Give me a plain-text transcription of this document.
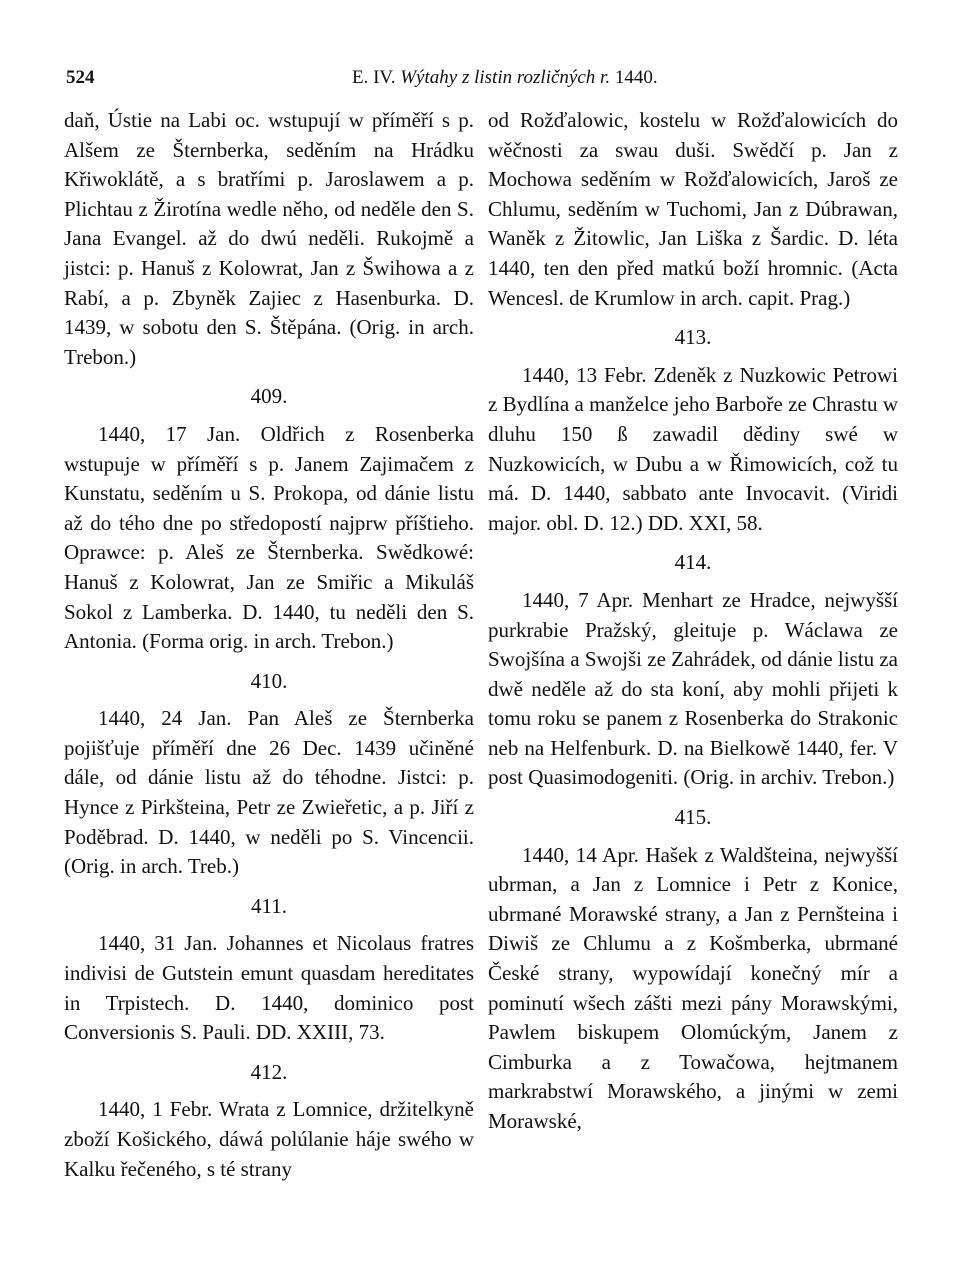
524	E. IV. Wýtahy z listin rozličných r. 1440.

daň, Ústie na Labi oc. wstupují w příměří s p. Alšem ze Šternberka, seděním na Hrádku Křiwoklátě, a s bratřími p. Jaroslawem a p. Plichtau z Žirotína wedle něho, od neděle den S. Jana Evangel. až do dwú neděli. Rukojmě a jistci: p. Hanuš z Kolowrat, Jan z Šwihowa a z Rabí, a p. Zbyněk Zajiec z Hasenburka. D. 1439, w sobotu den S. Štěpána. (Orig. in arch. Trebon.)

409.

1440, 17 Jan. Oldřich z Rosenberka wstupuje w příměří s p. Janem Zajimačem z Kunstatu, seděním u S. Prokopa, od dánie listu až do tého dne po středopostí najprw příštieho. Oprawce: p. Aleš ze Šternberka. Swědkowé: Hanuš z Kolowrat, Jan ze Smiřic a Mikuláš Sokol z Lamberka. D. 1440, tu neděli den S. Antonia. (Forma orig. in arch. Trebon.)

410.

1440, 24 Jan. Pan Aleš ze Šternberka pojišťuje příměří dne 26 Dec. 1439 učiněné dále, od dánie listu až do téhodne. Jistci: p. Hynce z Pirkšteina, Petr ze Zwieřetic, a p. Jiří z Poděbrad. D. 1440, w neděli po S. Vincencii. (Orig. in arch. Treb.)

411.

1440, 31 Jan. Johannes et Nicolaus fratres indivisi de Gutstein emunt quasdam hereditates in Trpistech. D. 1440, dominico post Conversionis S. Pauli. DD. XXIII, 73.

412.

1440, 1 Febr. Wrata z Lomnice, držitelkyně zboží Košického, dáwá polúlanie háje swého w Kalku řečeného, s té strany

od Rožďalowic, kostelu w Rožďalowicích do wěčnosti za swau duši. Swědčí p. Jan z Mochowa seděním w Rožďalowicích, Jaroš ze Chlumu, seděním w Tuchomi, Jan z Dúbrawan, Waněk z Žitowlic, Jan Liška z Šardic. D. léta 1440, ten den před matkú boží hromnic. (Acta Wencesl. de Krumlow in arch. capit. Prag.)

413.

1440, 13 Febr. Zdeněk z Nuzkowic Petrowi z Bydlína a manželce jeho Barboře ze Chrastu w dluhu 150 ß zawadil dědiny swé w Nuzkowicích, w Dubu a w Řimowicích, což tu má. D. 1440, sabbato ante Invocavit. (Viridi major. obl. D. 12.) DD. XXI, 58.

414.

1440, 7 Apr. Menhart ze Hradce, nejwyšší purkrabie Pražský, gleituje p. Wáclawa ze Swojšína a Swojši ze Zahrádek, od dánie listu za dwě neděle až do sta koní, aby mohli přijeti k tomu roku se panem z Rosenberka do Strakonic neb na Helfenburk. D. na Bielkowě 1440, fer. V post Quasimodogeniti. (Orig. in archiv. Trebon.)

415.

1440, 14 Apr. Hašek z Waldšteina, nejwyšší ubrman, a Jan z Lomnice i Petr z Konice, ubrmané Morawské strany, a Jan z Pernšteina i Diwiš ze Chlumu a z Košmberka, ubrmané České strany, wypowídají konečný mír a pominutí wšech zášti mezi pány Morawskými, Pawlem biskupem Olomúckým, Janem z Cimburka a z Towačowa, hejtmanem markrabstwí Morawského, a jinými w zemi Morawské,
